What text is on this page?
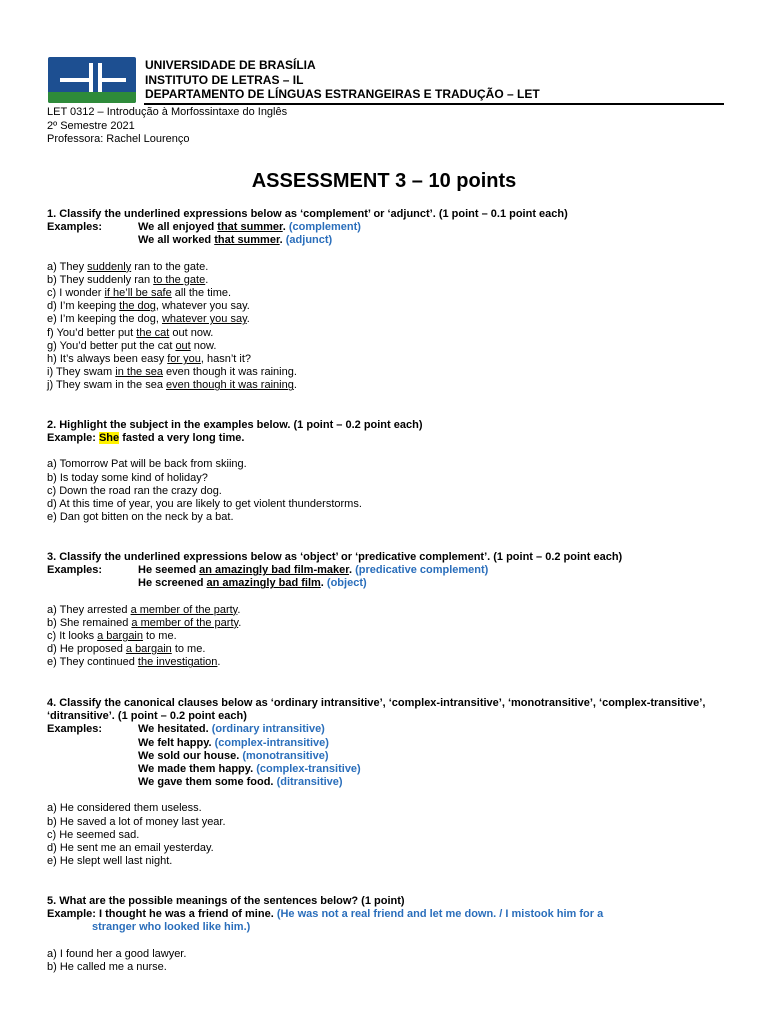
UNIVERSIDADE DE BRASÍLIA
INSTITUTO DE LETRAS – IL
DEPARTAMENTO DE LÍNGUAS ESTRANGEIRAS E TRADUÇÃO – LET
LET 0312 – Introdução à Morfossintaxe do Inglês
2º Semestre 2021
Professora: Rachel Lourenço
ASSESSMENT 3 – 10 points
1. Classify the underlined expressions below as ‘complement’ or ‘adjunct’. (1 point – 0.1 point each)
Examples:	We all enjoyed that summer. (complement)
We all worked that summer. (adjunct)
a) They suddenly ran to the gate.
b) They suddenly ran to the gate.
c) I wonder if he’ll be safe all the time.
d) I’m keeping the dog, whatever you say.
e) I’m keeping the dog, whatever you say.
f) You’d better put the cat out now.
g) You’d better put the cat out now.
h) It’s always been easy for you, hasn’t it?
i) They swam in the sea even though it was raining.
j) They swam in the sea even though it was raining.
2. Highlight the subject in the examples below. (1 point – 0.2 point each)
Example: She fasted a very long time.
a) Tomorrow Pat will be back from skiing.
b) Is today some kind of holiday?
c) Down the road ran the crazy dog.
d) At this time of year, you are likely to get violent thunderstorms.
e) Dan got bitten on the neck by a bat.
3. Classify the underlined expressions below as ‘object’ or ‘predicative complement’. (1 point – 0.2 point each)
Examples:	He seemed an amazingly bad film-maker. (predicative complement)
He screened an amazingly bad film. (object)
a) They arrested a member of the party.
b) She remained a member of the party.
c) It looks a bargain to me.
d) He proposed a bargain to me.
e) They continued the investigation.
4. Classify the canonical clauses below as ‘ordinary intransitive’, ‘complex-intransitive’, ‘monotransitive’, ‘complex-transitive’, ‘ditransitive’. (1 point – 0.2 point each)
Examples:	We hesitated. (ordinary intransitive)
We felt happy. (complex-intransitive)
We sold our house. (monotransitive)
We made them happy. (complex-transitive)
We gave them some food. (ditransitive)
a) He considered them useless.
b) He saved a lot of money last year.
c) He seemed sad.
d) He sent me an email yesterday.
e) He slept well last night.
5. What are the possible meanings of the sentences below? (1 point)
Example: I thought he was a friend of mine. (He was not a real friend and let me down. / I mistook him for a
stranger who looked like him.)
a) I found her a good lawyer.
b) He called me a nurse.
